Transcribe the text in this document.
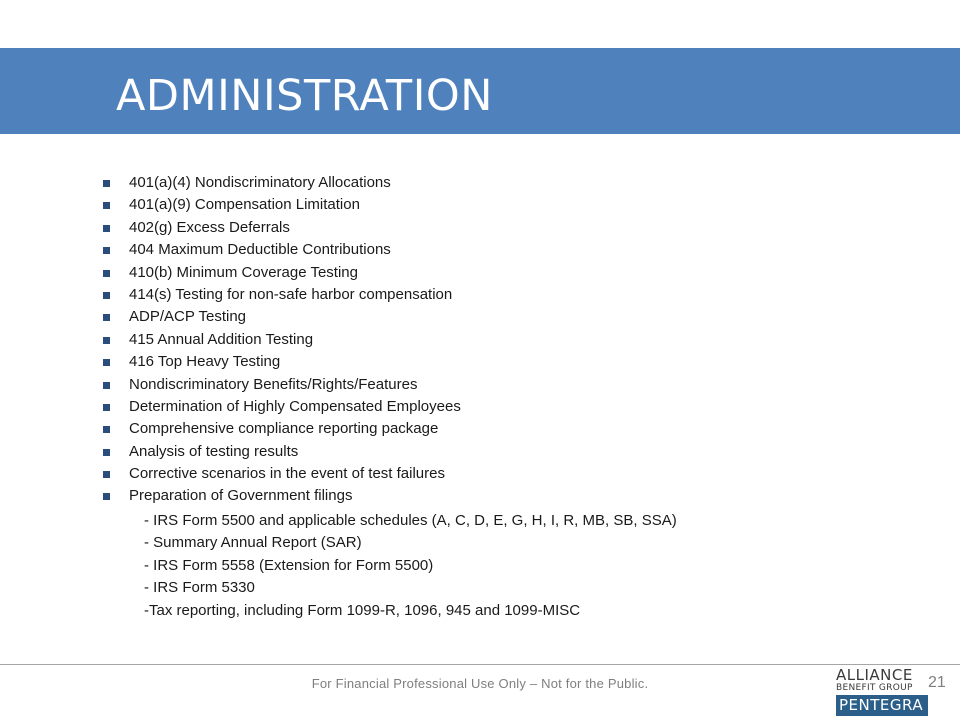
ADMINISTRATION
401(a)(4) Nondiscriminatory Allocations
401(a)(9) Compensation Limitation
402(g) Excess Deferrals
404 Maximum Deductible Contributions
410(b) Minimum Coverage Testing
414(s) Testing for non-safe harbor compensation
ADP/ACP Testing
415 Annual Addition Testing
416 Top Heavy Testing
Nondiscriminatory Benefits/Rights/Features
Determination of Highly Compensated Employees
Comprehensive compliance reporting package
Analysis of testing results
Corrective scenarios in the event of test failures
Preparation of Government filings
- IRS Form 5500 and applicable schedules (A, C, D, E, G, H, I, R, MB, SB, SSA)
- Summary Annual Report (SAR)
- IRS Form 5558 (Extension for Form 5500)
- IRS Form 5330
-Tax reporting, including Form 1099-R, 1096, 945 and 1099-MISC
For Financial Professional Use Only – Not for the Public.	ALLIANCE
BENEFIT GROUP
PENTEGRA
21
